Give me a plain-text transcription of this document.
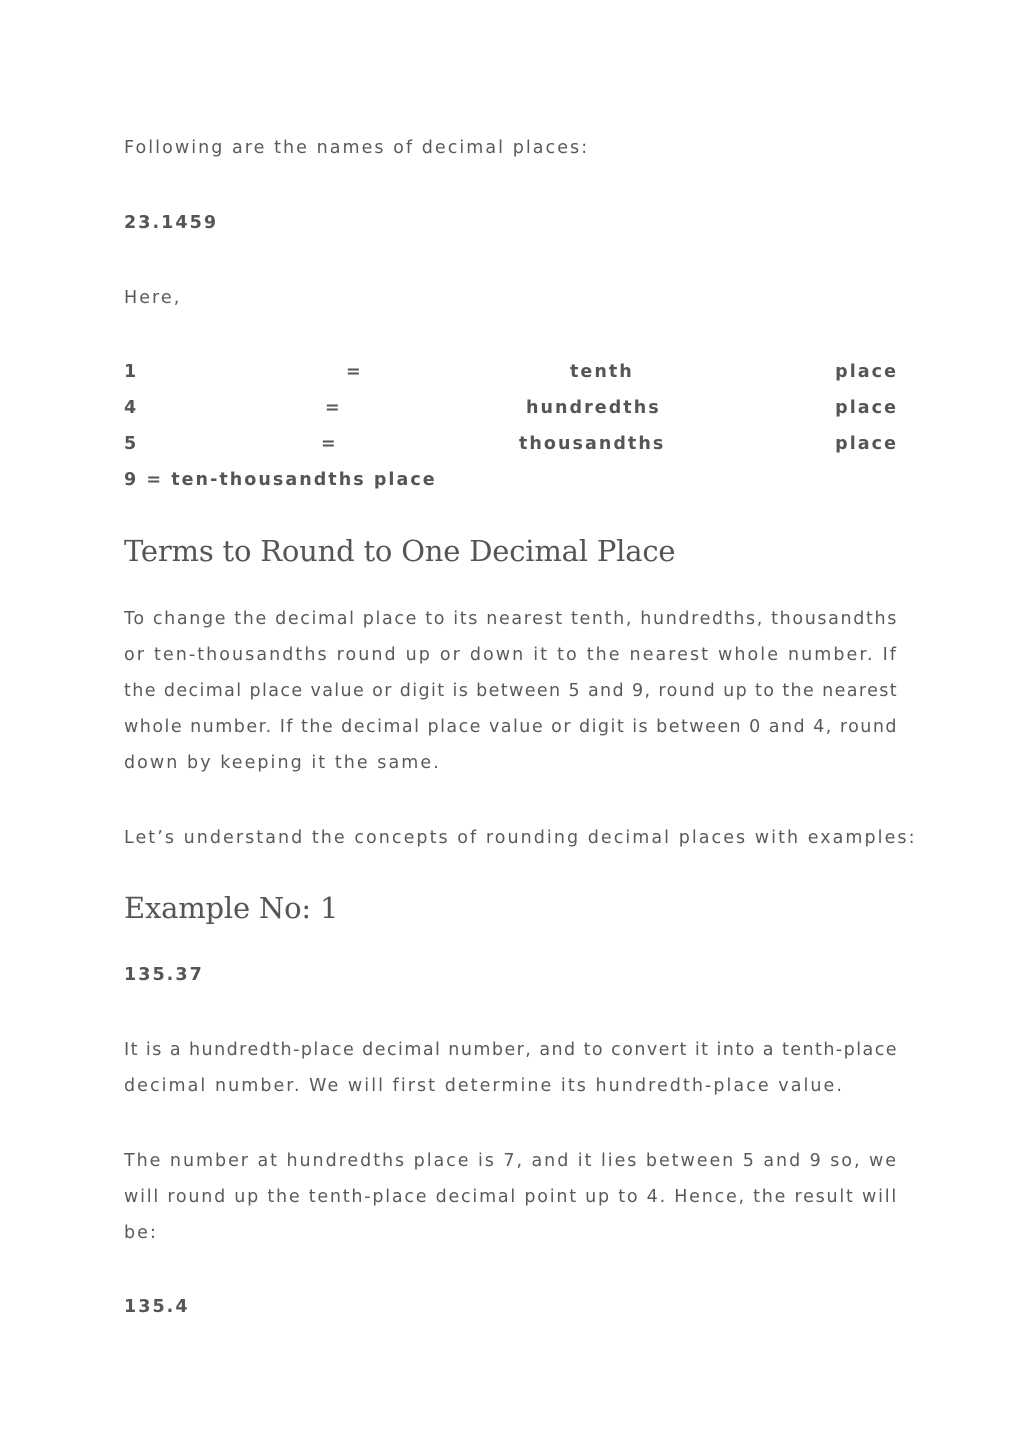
Following are the names of decimal places:

23.1459

Here,

1	=	tenth	place
4	=	hundredths	place
5	=	thousandths	place

9 = ten-thousandths place

Terms to Round to One Decimal Place
To change the decimal place to its nearest tenth, hundredths, thousandths
or ten-thousandths round up or down it to the nearest whole number. If
the decimal place value or digit is between 5 and 9, round up to the nearest
whole number. If the decimal place value or digit is between 0 and 4, round
down by keeping it the same.

Let’s understand the concepts of rounding decimal places with examples:

Example No: 1

135.37

It is a hundredth-place decimal number, and to convert it into a tenth-place
decimal number. We will first determine its hundredth-place value.
The number at hundredths place is 7, and it lies between 5 and 9 so, we
will round up the tenth-place decimal point up to 4. Hence, the result will
be:

135.4
